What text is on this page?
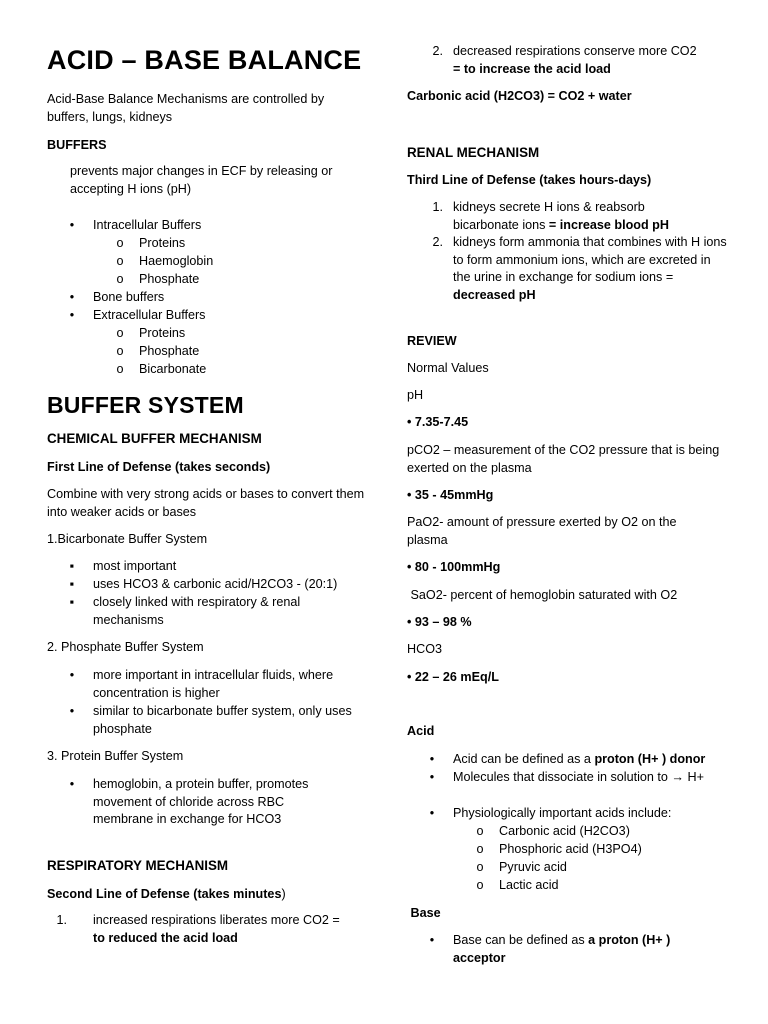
ACID – BASE BALANCE

Acid-Base Balance Mechanisms are controlled by buffers, lungs, kidneys

BUFFERS

prevents major changes in ECF by releasing or accepting H ions (pH)

•	Intracellular Buffers
o Proteins
o Haemoglobin
o Phosphate
•	Bone buffers
•	Extracellular Buffers
o Proteins
o Phosphate
o Bicarbonate
BUFFER SYSTEM
CHEMICAL BUFFER MECHANISM
First Line of Defense (takes seconds)

Combine with very strong acids or bases to convert them into weaker acids or bases

1.Bicarbonate Buffer System
▪	most important
▪	uses HCO3 & carbonic acid/H2CO3 - (20:1)
▪	closely linked with respiratory & renal mechanisms
2. Phosphate Buffer System
•	more important in intracellular fluids, where concentration is higher
•	similar to bicarbonate buffer system, only uses phosphate
3. Protein Buffer System
•	hemoglobin, a protein buffer, promotes movement of chloride across RBC membrane in exchange for HCO3
RESPIRATORY MECHANISM
Second Line of Defense (takes minutes)
1. increased respirations liberates more CO2 =
to reduced the acid load
2. decreased respirations conserve more CO2
= to increase the acid load
Carbonic acid (H2CO3) = CO2 + water
RENAL MECHANISM
Third Line of Defense (takes hours-days)
1. kidneys secrete H ions & reabsorb bicarbonate ions = increase blood pH
2. kidneys form ammonia that combines with H ions to form ammonium ions, which are excreted in the urine in exchange for sodium ions = decreased pH
REVIEW
Normal Values
pH
• 7.35-7.45

pCO2 – measurement of the CO2 pressure that is being exerted on the plasma

• 35 - 45mmHg

PaO2- amount of pressure exerted by O2 on the plasma

• 80 - 100mmHg
SaO2- percent of hemoglobin saturated with O2
• 93 – 98 %
HCO3
• 22 – 26 mEq/L
Acid
•	Acid can be defined as a proton (H+ ) donor
•	Molecules that dissociate in solution to → H+
•	Physiologically important acids include:
o Carbonic acid (H2CO3)
o Phosphoric acid (H3PO4)
o Pyruvic acid
o Lactic acid
Base
•	Base can be defined as a proton (H+ ) acceptor
